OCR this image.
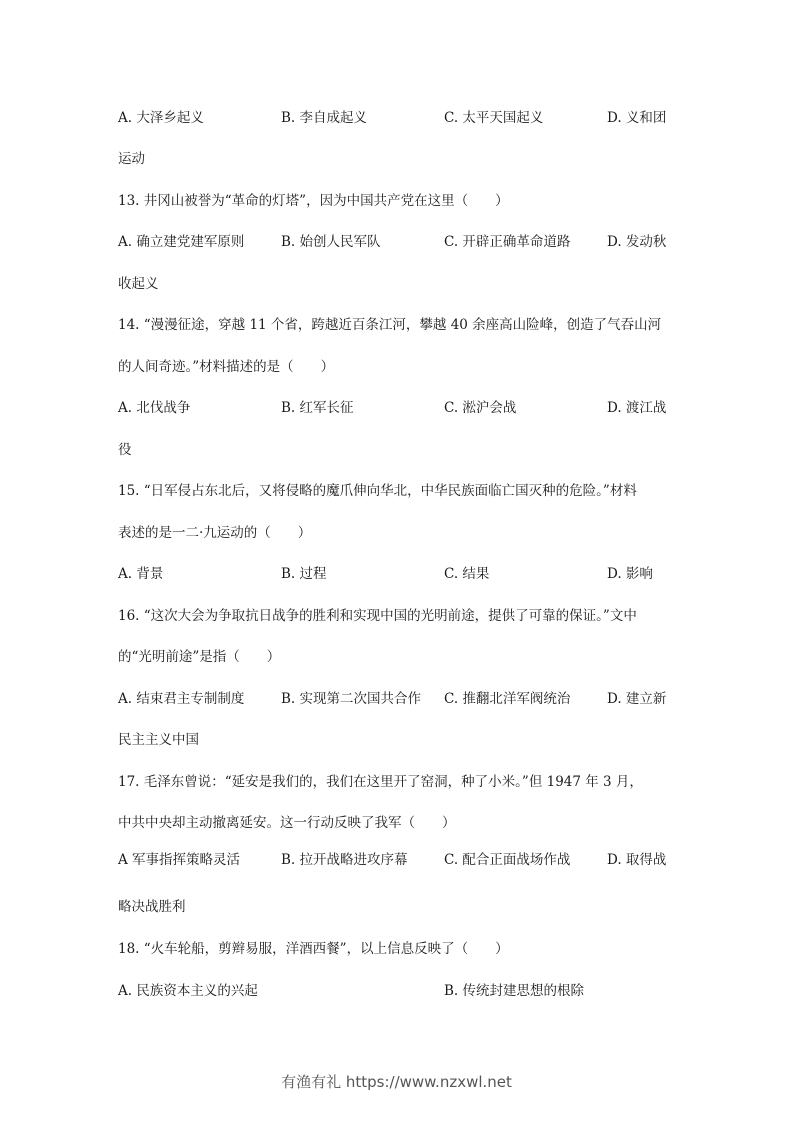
A. 大泽乡起义	B. 李自成起义	C. 太平天国起义	D. 义和团
运动
13. 井冈山被誉为“革命的灯塔”，因为中国共产党在这里（　　）
A. 确立建党建军原则	B. 始创人民军队	C. 开辟正确革命道路	D. 发动秋
收起义
14. “漫漫征途，穿越 11 个省，跨越近百条江河，攀越 40 余座高山险峰，创造了气吞山河
的人间奇迹。”材料描述的是（　　）
A. 北伐战争	B. 红军长征	C. 淞沪会战	D. 渡江战
役
15. “日军侵占东北后，又将侵略的魔爪伸向华北，中华民族面临亡国灭种的危险。”材料
表述的是一二·九运动的（　　）
A. 背景	B. 过程	C. 结果	D. 影响
16. “这次大会为争取抗日战争的胜利和实现中国的光明前途，提供了可靠的保证。”文中
的“光明前途”是指（　　）
A. 结束君主专制制度	B. 实现第二次国共合作 C. 推翻北洋军阀统治	D. 建立新
民主主义中国
17. 毛泽东曾说：“延安是我们的，我们在这里开了窑洞，种了小米。”但 1947 年 3 月，
中共中央却主动撤离延安。这一行动反映了我军（　　）
A 军事指挥策略灵活	B. 拉开战略进攻序幕	C. 配合正面战场作战	D. 取得战
略决战胜利
18. “火车轮船，剪辫易服，洋酒西餐”，以上信息反映了（　　）
A. 民族资本主义的兴起	B. 传统封建思想的根除
有渔有礼 https://www.nzxwl.net
